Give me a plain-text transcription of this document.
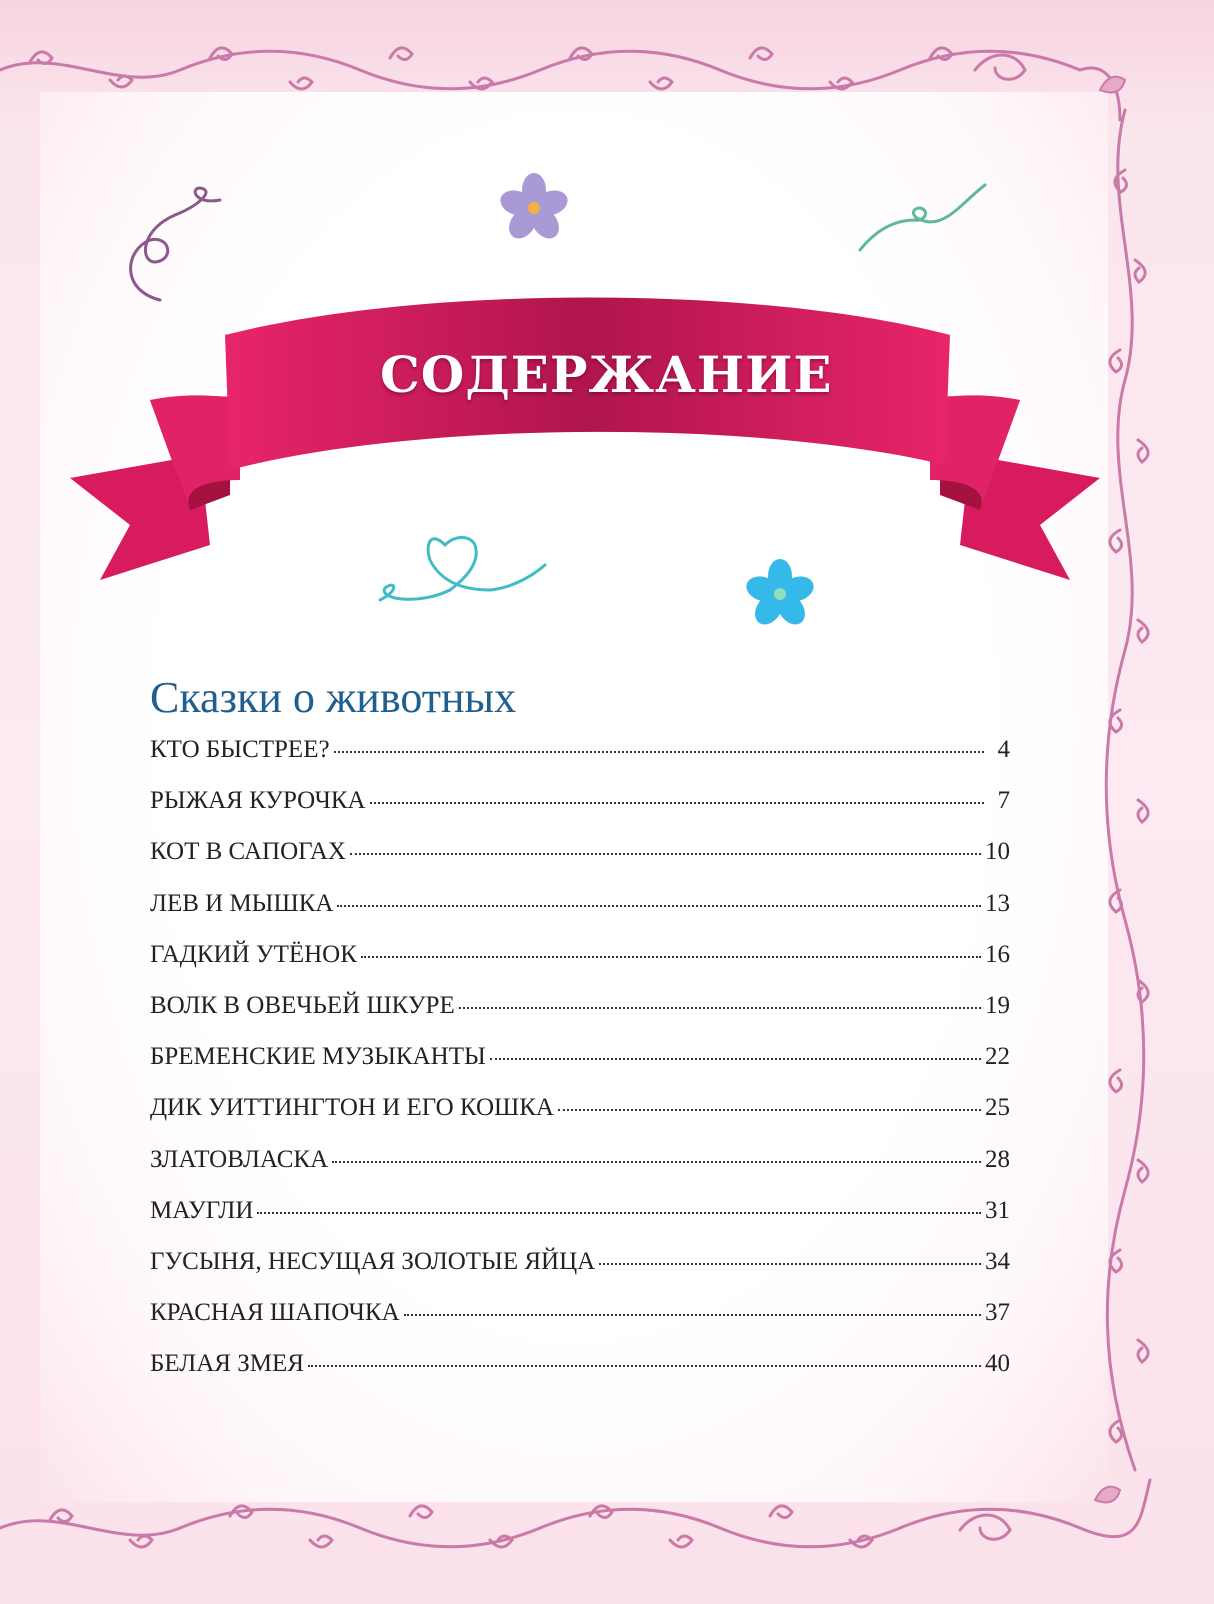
СОДЕРЖАНИЕ
Сказки о животных
КТО БЫСТРЕЕ?	4
РЫЖАЯ КУРОЧКА	7
КОТ В САПОГАХ	10
ЛЕВ И МЫШКА	13
ГАДКИЙ УТЁНОК	16
ВОЛК В ОВЕЧЬЕЙ ШКУРЕ	19
БРЕМЕНСКИЕ МУЗЫКАНТЫ	22
ДИК УИТТИНГТОН И ЕГО КОШКА	25
ЗЛАТОВЛАСКА	28
МАУГЛИ	31
ГУСЫНЯ, НЕСУЩАЯ ЗОЛОТЫЕ ЯЙЦА	34
КРАСНАЯ ШАПОЧКА	37
БЕЛАЯ ЗМЕЯ	40
